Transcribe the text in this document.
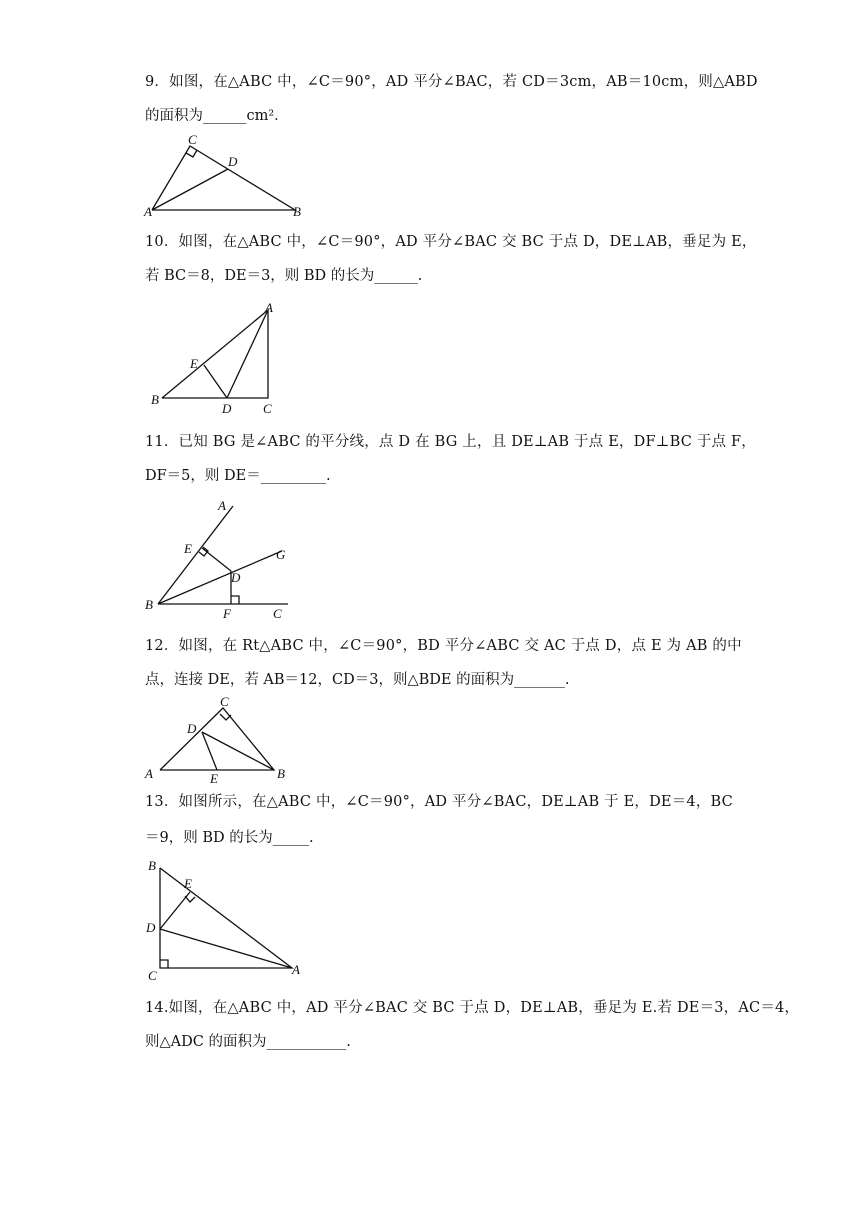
9．如图，在△ABC 中，∠C＝90°，AD 平分∠BAC，若 CD＝3cm，AB＝10cm，则△ABD
的面积为______cm²．
C
D
A	B
10．如图，在△ABC 中，∠C＝90°，AD 平分∠BAC 交 BC 于点 D，DE⊥AB，垂足为 E，
若 BC＝8，DE＝3，则 BD 的长为______.
A
E
B
D C
11．已知 BG 是∠ABC 的平分线，点 D 在 BG 上，且 DE⊥AB 于点 E，DF⊥BC 于点 F，
DF＝5，则 DE＝_________.
A
E	G
D
B
F	C
12．如图，在 Rt△ABC 中，∠C＝90°，BD 平分∠ABC 交 AC 于点 D，点 E 为 AB 的中
点，连接 DE，若 AB＝12，CD＝3，则△BDE 的面积为_______.
C
D
A	E	B
13．如图所示，在△ABC 中，∠C＝90°，AD 平分∠BAC，DE⊥AB 于 E，DE＝4，BC
＝9，则 BD 的长为_____.
B
E
D
C	A
14.如图，在△ABC 中，AD 平分∠BAC 交 BC 于点 D，DE⊥AB，垂足为 E.若 DE＝3，AC＝4，
则△ADC 的面积为___________.
